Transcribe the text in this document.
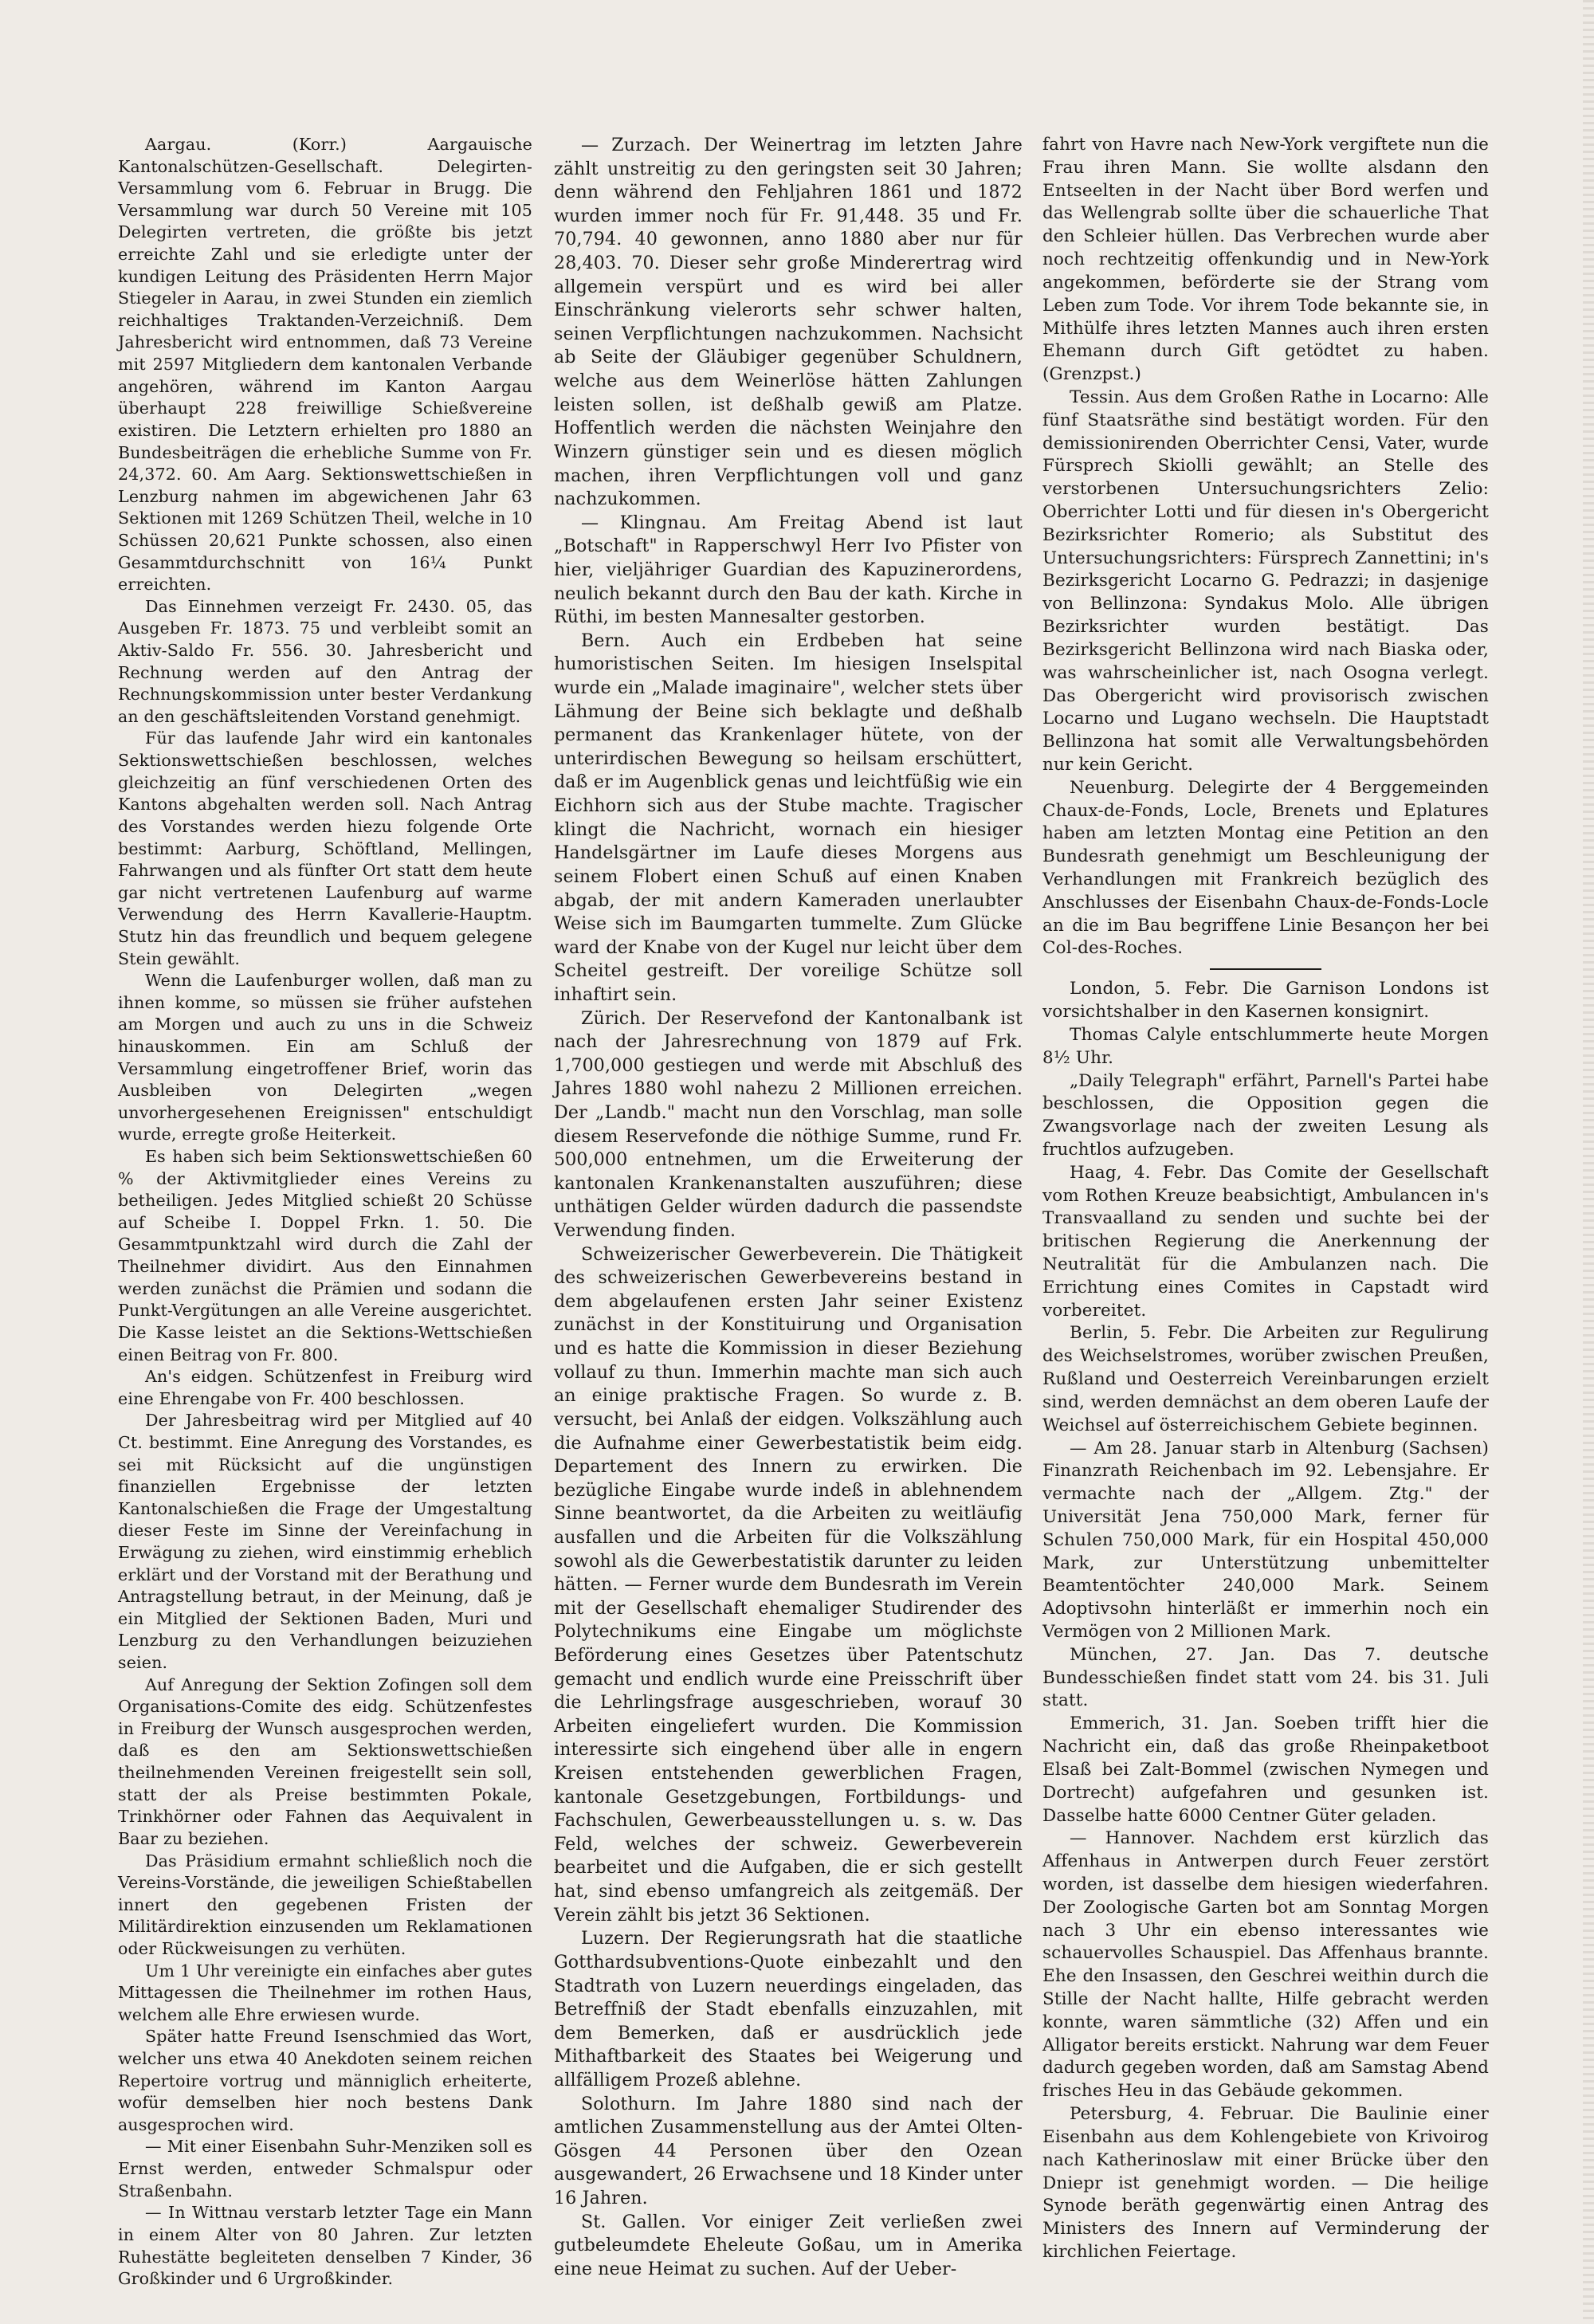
Aargau. (Korr.) Aargauische Kantonalschützen-Gesellschaft. Delegirten-Versammlung vom 6. Februar in Brugg. Die Versammlung war durch 50 Vereine mit 105 Delegirten vertreten, die größte bis jetzt erreichte Zahl und sie erledigte unter der kundigen Leitung des Präsidenten Herrn Major Stiegeler in Aarau, in zwei Stunden ein ziemlich reichhaltiges Traktanden-Verzeichniß. Dem Jahresbericht wird entnommen, daß 73 Vereine mit 2597 Mitgliedern dem kantonalen Verbande angehören, während im Kanton Aargau überhaupt 228 freiwillige Schießvereine existiren. Die Letztern erhielten pro 1880 an Bundesbeiträgen die erhebliche Summe von Fr. 24,372. 60. Am Aarg. Sektionswettschießen in Lenzburg nahmen im abgewichenen Jahr 63 Sektionen mit 1269 Schützen Theil, welche in 10 Schüssen 20,621 Punkte schossen, also einen Gesammtdurchschnitt von 16¼ Punkt erreichten.

Das Einnehmen verzeigt Fr. 2430. 05, das Ausgeben Fr. 1873. 75 und verbleibt somit an Aktiv-Saldo Fr. 556. 30. Jahresbericht und Rechnung werden auf den Antrag der Rechnungskommission unter bester Verdankung an den geschäftsleitenden Vorstand genehmigt.

Für das laufende Jahr wird ein kantonales Sektionswettschießen beschlossen, welches gleichzeitig an fünf verschiedenen Orten des Kantons abgehalten werden soll. Nach Antrag des Vorstandes werden hiezu folgende Orte bestimmt: Aarburg, Schöftland, Mellingen, Fahrwangen und als fünfter Ort statt dem heute gar nicht vertretenen Laufenburg auf warme Verwendung des Herrn Kavallerie-Hauptm. Stutz hin das freundlich und bequem gelegene Stein gewählt.

Wenn die Laufenburger wollen, daß man zu ihnen komme, so müssen sie früher aufstehen am Morgen und auch zu uns in die Schweiz hinauskommen. Ein am Schluß der Versammlung eingetroffener Brief, worin das Ausbleiben von Delegirten „wegen unvorhergesehenen Ereignissen" entschuldigt wurde, erregte große Heiterkeit.

Es haben sich beim Sektionswettschießen 60 % der Aktivmitglieder eines Vereins zu betheiligen. Jedes Mitglied schießt 20 Schüsse auf Scheibe I. Doppel Frkn. 1. 50. Die Gesammtpunktzahl wird durch die Zahl der Theilnehmer dividirt. Aus den Einnahmen werden zunächst die Prämien und sodann die Punkt-Vergütungen an alle Vereine ausgerichtet. Die Kasse leistet an die Sektions-Wettschießen einen Beitrag von Fr. 800.

An's eidgen. Schützenfest in Freiburg wird eine Ehrengabe von Fr. 400 beschlossen.

Der Jahresbeitrag wird per Mitglied auf 40 Ct. bestimmt. Eine Anregung des Vorstandes, es sei mit Rücksicht auf die ungünstigen finanziellen Ergebnisse der letzten Kantonalschießen die Frage der Umgestaltung dieser Feste im Sinne der Vereinfachung in Erwägung zu ziehen, wird einstimmig erheblich erklärt und der Vorstand mit der Berathung und Antragstellung betraut, in der Meinung, daß je ein Mitglied der Sektionen Baden, Muri und Lenzburg zu den Verhandlungen beizuziehen seien.

Auf Anregung der Sektion Zofingen soll dem Organisations-Comite des eidg. Schützenfestes in Freiburg der Wunsch ausgesprochen werden, daß es den am Sektionswettschießen theilnehmenden Vereinen freigestellt sein soll, statt der als Preise bestimmten Pokale, Trinkhörner oder Fahnen das Aequivalent in Baar zu beziehen.

Das Präsidium ermahnt schließlich noch die Vereins-Vorstände, die jeweiligen Schießtabellen innert den gegebenen Fristen der Militärdirektion einzusenden um Reklamationen oder Rückweisungen zu verhüten.

Um 1 Uhr vereinigte ein einfaches aber gutes Mittagessen die Theilnehmer im rothen Haus, welchem alle Ehre erwiesen wurde.

Später hatte Freund Isenschmied das Wort, welcher uns etwa 40 Anekdoten seinem reichen Repertoire vortrug und männiglich erheiterte, wofür demselben hier noch bestens Dank ausgesprochen wird.

— Mit einer Eisenbahn Suhr-Menziken soll es Ernst werden, entweder Schmalspur oder Straßenbahn.

— In Wittnau verstarb letzter Tage ein Mann in einem Alter von 80 Jahren. Zur letzten Ruhestätte begleiteten denselben 7 Kinder, 36 Großkinder und 6 Urgroßkinder.

— Zurzach. Der Weinertrag im letzten Jahre zählt unstreitig zu den geringsten seit 30 Jahren; denn während den Fehljahren 1861 und 1872 wurden immer noch für Fr. 91,448. 35 und Fr. 70,794. 40 gewonnen, anno 1880 aber nur für 28,403. 70. Dieser sehr große Minderertrag wird allgemein verspürt und es wird bei aller Einschränkung vielerorts sehr schwer halten, seinen Verpflichtungen nachzukommen. Nachsicht ab Seite der Gläubiger gegenüber Schuldnern, welche aus dem Weinerlöse hätten Zahlungen leisten sollen, ist deßhalb gewiß am Platze. Hoffentlich werden die nächsten Weinjahre den Winzern günstiger sein und es diesen möglich machen, ihren Verpflichtungen voll und ganz nachzukommen.

— Klingnau. Am Freitag Abend ist laut „Botschaft" in Rapperschwyl Herr Ivo Pfister von hier, vieljähriger Guardian des Kapuzinerordens, neulich bekannt durch den Bau der kath. Kirche in Rüthi, im besten Mannesalter gestorben.

Bern. Auch ein Erdbeben hat seine humoristischen Seiten. Im hiesigen Inselspital wurde ein „Malade imaginaire", welcher stets über Lähmung der Beine sich beklagte und deßhalb permanent das Krankenlager hütete, von der unterirdischen Bewegung so heilsam erschüttert, daß er im Augenblick genas und leichtfüßig wie ein Eichhorn sich aus der Stube machte. Tragischer klingt die Nachricht, wornach ein hiesiger Handelsgärtner im Laufe dieses Morgens aus seinem Flobert einen Schuß auf einen Knaben abgab, der mit andern Kameraden unerlaubter Weise sich im Baumgarten tummelte. Zum Glücke ward der Knabe von der Kugel nur leicht über dem Scheitel gestreift. Der voreilige Schütze soll inhaftirt sein.

Zürich. Der Reservefond der Kantonalbank ist nach der Jahresrechnung von 1879 auf Frk. 1,700,000 gestiegen und werde mit Abschluß des Jahres 1880 wohl nahezu 2 Millionen erreichen. Der „Landb." macht nun den Vorschlag, man solle diesem Reservefonde die nöthige Summe, rund Fr. 500,000 entnehmen, um die Erweiterung der kantonalen Krankenanstalten auszuführen; diese unthätigen Gelder würden dadurch die passendste Verwendung finden.

Schweizerischer Gewerbeverein. Die Thätigkeit des schweizerischen Gewerbevereins bestand in dem abgelaufenen ersten Jahr seiner Existenz zunächst in der Konstituirung und Organisation und es hatte die Kommission in dieser Beziehung vollauf zu thun. Immerhin machte man sich auch an einige praktische Fragen. So wurde z. B. versucht, bei Anlaß der eidgen. Volkszählung auch die Aufnahme einer Gewerbestatistik beim eidg. Departement des Innern zu erwirken. Die bezügliche Eingabe wurde indeß in ablehnendem Sinne beantwortet, da die Arbeiten zu weitläufig ausfallen und die Arbeiten für die Volkszählung sowohl als die Gewerbestatistik darunter zu leiden hätten. — Ferner wurde dem Bundesrath im Verein mit der Gesellschaft ehemaliger Studirender des Polytechnikums eine Eingabe um möglichste Beförderung eines Gesetzes über Patentschutz gemacht und endlich wurde eine Preisschrift über die Lehrlingsfrage ausgeschrieben, worauf 30 Arbeiten eingeliefert wurden. Die Kommission interessirte sich eingehend über alle in engern Kreisen entstehenden gewerblichen Fragen, kantonale Gesetzgebungen, Fortbildungs- und Fachschulen, Gewerbeausstellungen u. s. w. Das Feld, welches der schweiz. Gewerbeverein bearbeitet und die Aufgaben, die er sich gestellt hat, sind ebenso umfangreich als zeitgemäß. Der Verein zählt bis jetzt 36 Sektionen.

Luzern. Der Regierungsrath hat die staatliche Gotthardsubventions-Quote einbezahlt und den Stadtrath von Luzern neuerdings eingeladen, das Betreffniß der Stadt ebenfalls einzuzahlen, mit dem Bemerken, daß er ausdrücklich jede Mithaftbarkeit des Staates bei Weigerung und allfälligem Prozeß ablehne.

Solothurn. Im Jahre 1880 sind nach der amtlichen Zusammenstellung aus der Amtei Olten-Gösgen 44 Personen über den Ozean ausgewandert, 26 Erwachsene und 18 Kinder unter 16 Jahren.

St. Gallen. Vor einiger Zeit verließen zwei gutbeleumdete Eheleute Goßau, um in Amerika eine neue Heimat zu suchen. Auf der Ueber-

fahrt von Havre nach New-York vergiftete nun die Frau ihren Mann. Sie wollte alsdann den Entseelten in der Nacht über Bord werfen und das Wellengrab sollte über die schauerliche That den Schleier hüllen. Das Verbrechen wurde aber noch rechtzeitig offenkundig und in New-York angekommen, beförderte sie der Strang vom Leben zum Tode. Vor ihrem Tode bekannte sie, in Mithülfe ihres letzten Mannes auch ihren ersten Ehemann durch Gift getödtet zu haben. (Grenzpst.)

Tessin. Aus dem Großen Rathe in Locarno: Alle fünf Staatsräthe sind bestätigt worden. Für den demissionirenden Oberrichter Censi, Vater, wurde Fürsprech Skiolli gewählt; an Stelle des verstorbenen Untersuchungsrichters Zelio: Oberrichter Lotti und für diesen in's Obergericht Bezirksrichter Romerio; als Substitut des Untersuchungsrichters: Fürsprech Zannettini; in's Bezirksgericht Locarno G. Pedrazzi; in dasjenige von Bellinzona: Syndakus Molo. Alle übrigen Bezirksrichter wurden bestätigt. Das Bezirksgericht Bellinzona wird nach Biaska oder, was wahrscheinlicher ist, nach Osogna verlegt. Das Obergericht wird provisorisch zwischen Locarno und Lugano wechseln. Die Hauptstadt Bellinzona hat somit alle Verwaltungsbehörden nur kein Gericht.

Neuenburg. Delegirte der 4 Berggemeinden Chaux-de-Fonds, Locle, Brenets und Eplatures haben am letzten Montag eine Petition an den Bundesrath genehmigt um Beschleunigung der Verhandlungen mit Frankreich bezüglich des Anschlusses der Eisenbahn Chaux-de-Fonds-Locle an die im Bau begriffene Linie Besançon her bei Col-des-Roches.

London, 5. Febr. Die Garnison Londons ist vorsichtshalber in den Kasernen konsignirt.

Thomas Calyle entschlummerte heute Morgen 8½ Uhr.

„Daily Telegraph" erfährt, Parnell's Partei habe beschlossen, die Opposition gegen die Zwangsvorlage nach der zweiten Lesung als fruchtlos aufzugeben.

Haag, 4. Febr. Das Comite der Gesellschaft vom Rothen Kreuze beabsichtigt, Ambulancen in's Transvaalland zu senden und suchte bei der britischen Regierung die Anerkennung der Neutralität für die Ambulanzen nach. Die Errichtung eines Comites in Capstadt wird vorbereitet.

Berlin, 5. Febr. Die Arbeiten zur Regulirung des Weichselstromes, worüber zwischen Preußen, Rußland und Oesterreich Vereinbarungen erzielt sind, werden demnächst an dem oberen Laufe der Weichsel auf österreichischem Gebiete beginnen.

— Am 28. Januar starb in Altenburg (Sachsen) Finanzrath Reichenbach im 92. Lebensjahre. Er vermachte nach der „Allgem. Ztg." der Universität Jena 750,000 Mark, ferner für Schulen 750,000 Mark, für ein Hospital 450,000 Mark, zur Unterstützung unbemittelter Beamtentöchter 240,000 Mark. Seinem Adoptivsohn hinterläßt er immerhin noch ein Vermögen von 2 Millionen Mark.

München, 27. Jan. Das 7. deutsche Bundesschießen findet statt vom 24. bis 31. Juli statt.

Emmerich, 31. Jan. Soeben trifft hier die Nachricht ein, daß das große Rheinpaketboot Elsaß bei Zalt-Bommel (zwischen Nymegen und Dortrecht) aufgefahren und gesunken ist. Dasselbe hatte 6000 Centner Güter geladen.

— Hannover. Nachdem erst kürzlich das Affenhaus in Antwerpen durch Feuer zerstört worden, ist dasselbe dem hiesigen wiederfahren. Der Zoologische Garten bot am Sonntag Morgen nach 3 Uhr ein ebenso interessantes wie schauervolles Schauspiel. Das Affenhaus brannte. Ehe den Insassen, den Geschrei weithin durch die Stille der Nacht hallte, Hilfe gebracht werden konnte, waren sämmtliche (32) Affen und ein Alligator bereits erstickt. Nahrung war dem Feuer dadurch gegeben worden, daß am Samstag Abend frisches Heu in das Gebäude gekommen.

Petersburg, 4. Februar. Die Baulinie einer Eisenbahn aus dem Kohlengebiete von Krivoirog nach Katherinoslaw mit einer Brücke über den Dniepr ist genehmigt worden. — Die heilige Synode beräth gegenwärtig einen Antrag des Ministers des Innern auf Verminderung der kirchlichen Feiertage.
